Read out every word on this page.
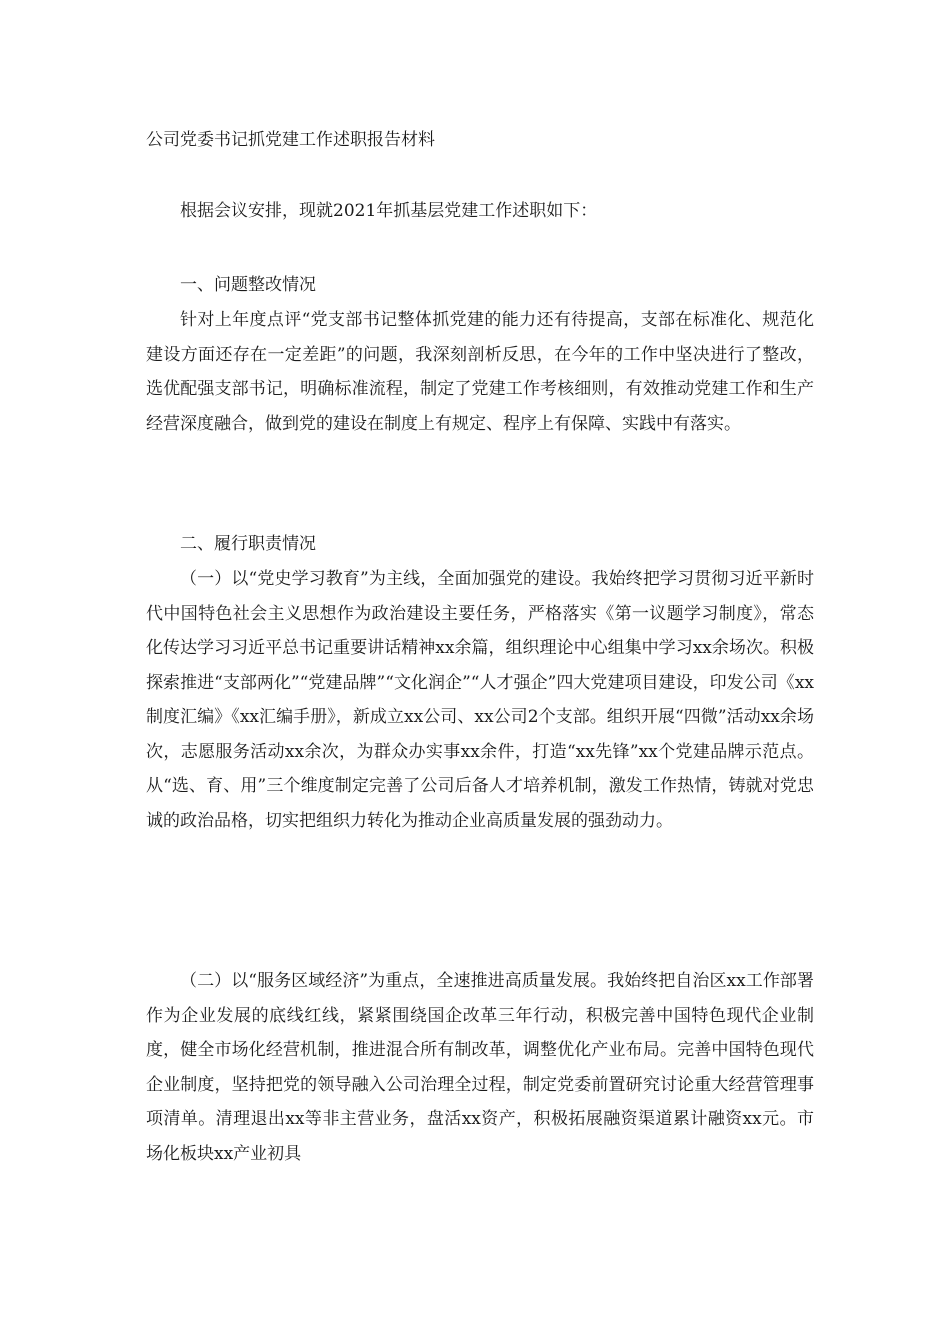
公司党委书记抓党建工作述职报告材料

根据会议安排，现就2021年抓基层党建工作述职如下：

一、问题整改情况

针对上年度点评“党支部书记整体抓党建的能力还有待提高，支部在标准化、规范化建设方面还存在一定差距”的问题，我深刻剖析反思，在今年的工作中坚决进行了整改，选优配强支部书记，明确标准流程，制定了党建工作考核细则，有效推动党建工作和生产经营深度融合，做到党的建设在制度上有规定、程序上有保障、实践中有落实。

二、履行职责情况

（一）以“党史学习教育”为主线，全面加强党的建设。我始终把学习贯彻习近平新时代中国特色社会主义思想作为政治建设主要任务，严格落实《第一议题学习制度》，常态化传达学习习近平总书记重要讲话精神xx余篇，组织理论中心组集中学习xx余场次。积极探索推进“支部两化”“党建品牌”“文化润企”“人才强企”四大党建项目建设，印发公司《xx制度汇编》《xx汇编手册》，新成立xx公司、xx公司2个支部。组织开展“四微”活动xx余场次，志愿服务活动xx余次，为群众办实事xx余件，打造“xx先锋”xx个党建品牌示范点。从“选、育、用”三个维度制定完善了公司后备人才培养机制，激发工作热情，铸就对党忠诚的政治品格，切实把组织力转化为推动企业高质量发展的强劲动力。

（二）以“服务区域经济”为重点，全速推进高质量发展。我始终把自治区xx工作部署作为企业发展的底线红线，紧紧围绕国企改革三年行动，积极完善中国特色现代企业制度，健全市场化经营机制，推进混合所有制改革，调整优化产业布局。完善中国特色现代企业制度，坚持把党的领导融入公司治理全过程，制定党委前置研究讨论重大经营管理事项清单。清理退出xx等非主营业务，盘活xx资产，积极拓展融资渠道累计融资xx元。市场化板块xx产业初具
